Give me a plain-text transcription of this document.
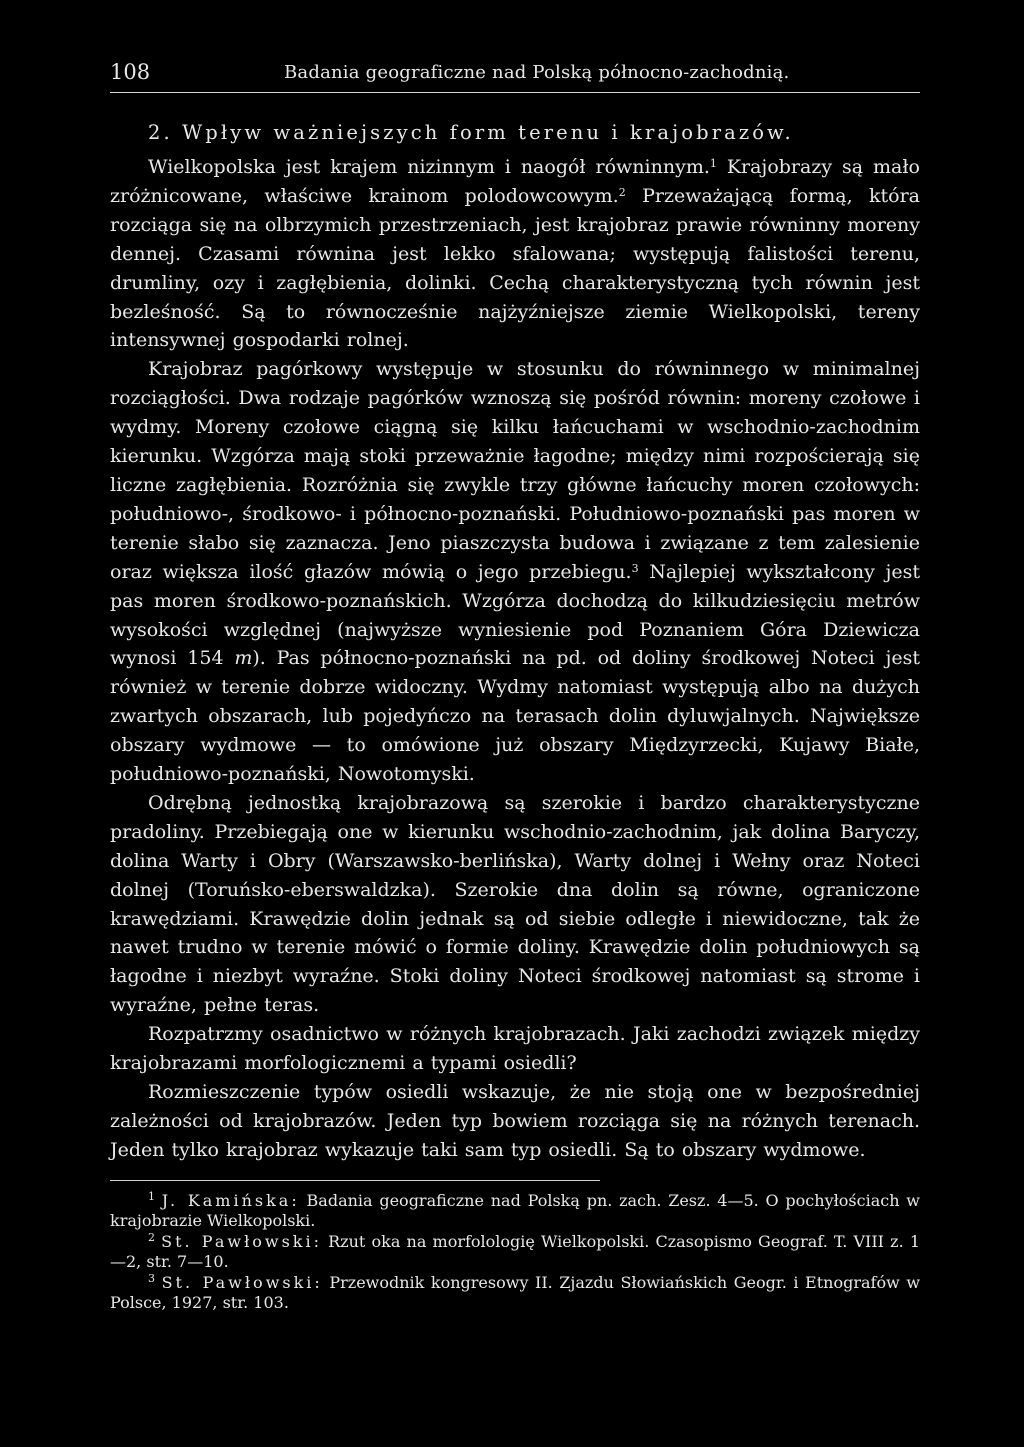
108	Badania geograficzne nad Polską północno-zachodnią.
2. Wpływ ważniejszych form terenu i krajobrazów.

Wielkopolska jest krajem nizinnym i naogół równinnym.$^1$ Krajobrazy są mało zróżnicowane, właściwe krainom polodowcowym.$^2$ Przeważającą formą, która rozciąga się na olbrzymich przestrzeniach, jest krajobraz prawie równinny moreny dennej. Czasami równina jest lekko sfalowana; występują falistości terenu, drumliny, ozy i zagłębienia, dolinki. Cechą charakterystyczną tych równin jest bezleśność. Są to równocześnie najżyźniejsze ziemie Wielkopolski, tereny intensywnej gospodarki rolnej.

Krajobraz pagórkowy występuje w stosunku do równinnego w minimalnej rozciągłości. Dwa rodzaje pagórków wznoszą się pośród równin: moreny czołowe i wydmy. Moreny czołowe ciągną się kilku łańcuchami w wschodnio-zachodnim kierunku. Wzgórza mają stoki przeważnie łagodne; między nimi rozpościerają się liczne zagłębienia. Rozróżnia się zwykle trzy główne łańcuchy moren czołowych: południowo-, środkowo- i północno-poznański. Południowo-poznański pas moren w terenie słabo się zaznacza. Jeno piaszczysta budowa i związane z tem zalesienie oraz większa ilość głazów mówią o jego przebiegu.$^3$ Najlepiej wykształcony jest pas moren środkowo-poznańskich. Wzgórza dochodzą do kilkudziesięciu metrów wysokości względnej (najwyższe wyniesienie pod Poznaniem Góra Dziewicza wynosi 154 m). Pas północno-poznański na pd. od doliny środkowej Noteci jest również w terenie dobrze widoczny. Wydmy natomiast występują albo na dużych zwartych obszarach, lub pojedyńczo na terasach dolin dyluwjalnych. Największe obszary wydmowe — to omówione już obszary Międzyrzecki, Kujawy Białe, południowo-poznański, Nowotomyski.

Odrębną jednostką krajobrazową są szerokie i bardzo charakterystyczne pradoliny. Przebiegają one w kierunku wschodnio-zachodnim, jak dolina Baryczy, dolina Warty i Obry (Warszawsko-berlińska), Warty dolnej i Wełny oraz Noteci dolnej (Toruńsko-eberswaldzka). Szerokie dna dolin są równe, ograniczone krawędziami. Krawędzie dolin jednak są od siebie odległe i niewidoczne, tak że nawet trudno w terenie mówić o formie doliny. Krawędzie dolin południowych są łagodne i niezbyt wyraźne. Stoki doliny Noteci środkowej natomiast są strome i wyraźne, pełne teras.

Rozpatrzmy osadnictwo w różnych krajobrazach. Jaki zachodzi związek między krajobrazami morfologicznemi a typami osiedli?

Rozmieszczenie typów osiedli wskazuje, że nie stoją one w bezpośredniej zależności od krajobrazów. Jeden typ bowiem rozciąga się na różnych terenach. Jeden tylko krajobraz wykazuje taki sam typ osiedli. Są to obszary wydmowe.

$^1$ J. Kamińska: Badania geograficzne nad Polską pn. zach. Zesz. 4—5. O pochyłościach w krajobrazie Wielkopolski.

$^2$ St. Pawłowski: Rzut oka na morfolologię Wielkopolski. Czasopismo Geograf. T. VIII z. 1—2, str. 7—10.

$^3$ St. Pawłowski: Przewodnik kongresowy II. Zjazdu Słowiańskich Geogr. i Etnografów w Polsce, 1927, str. 103.
